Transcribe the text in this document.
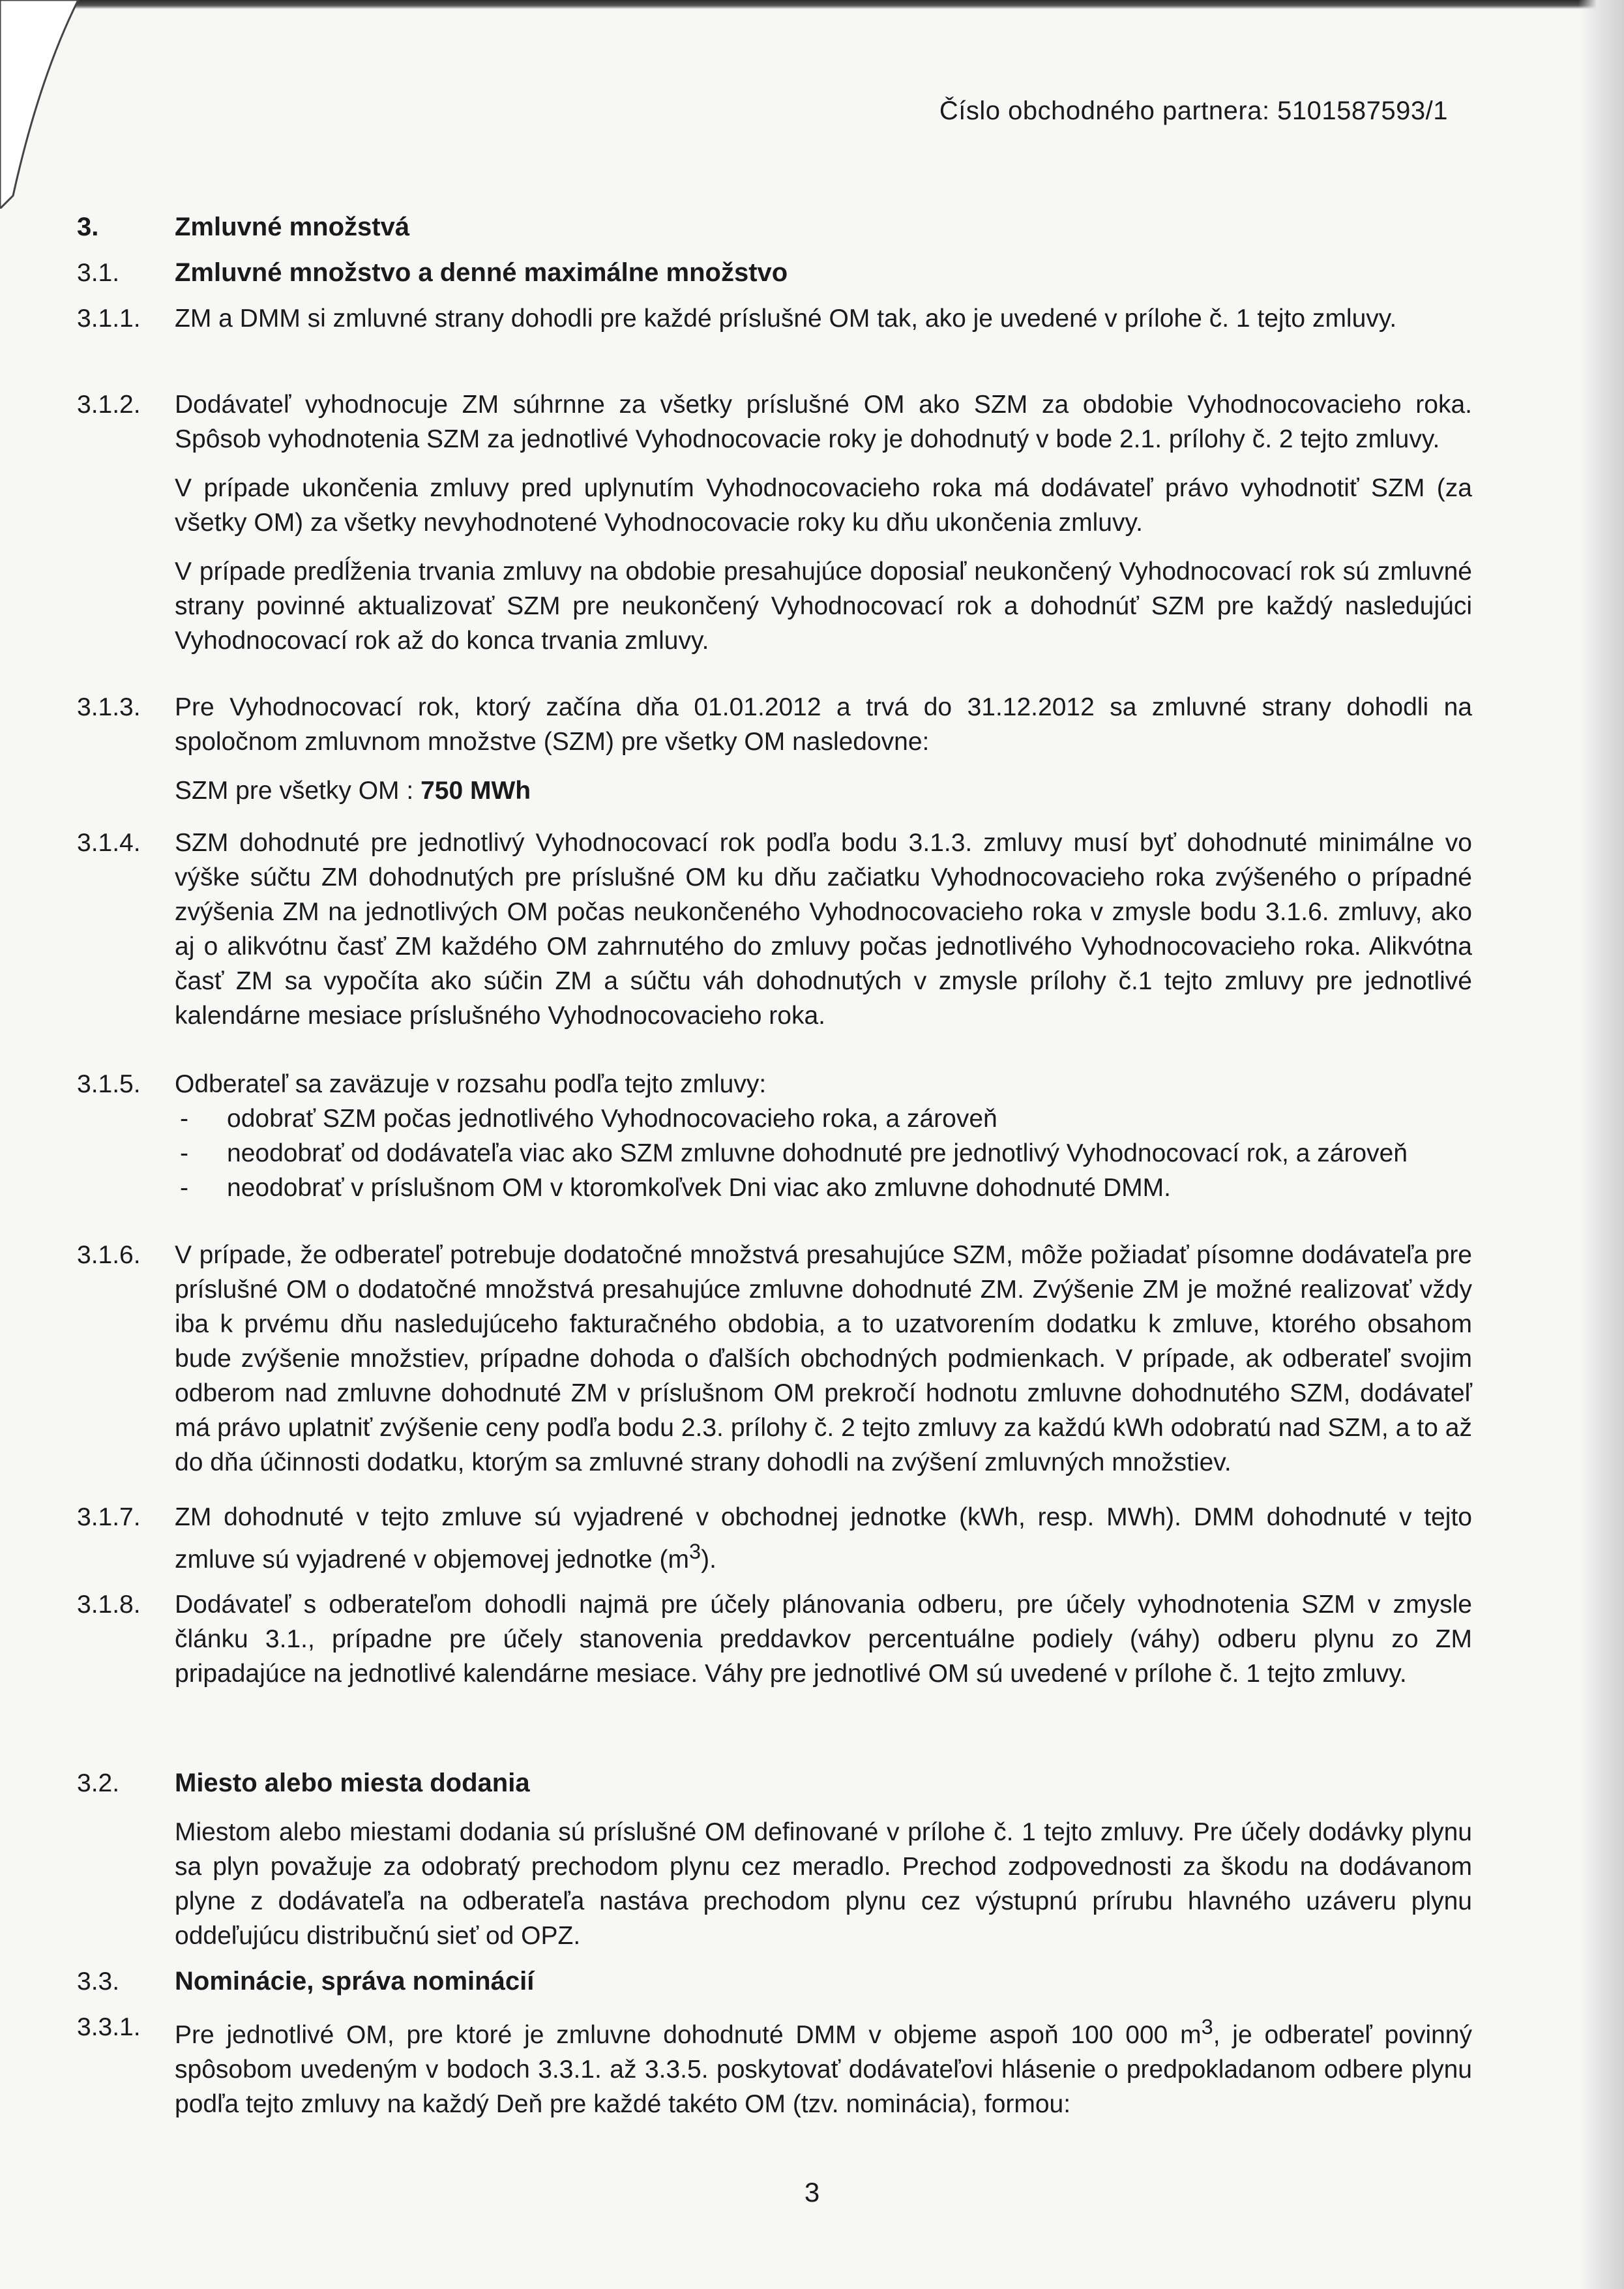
Číslo obchodného partnera: 5101587593/1
3.	Zmluvné množstvá
3.1.	Zmluvné množstvo a denné maximálne množstvo
3.1.1.	ZM a DMM si zmluvné strany dohodli pre každé príslušné OM tak, ako je uvedené v prílohe č. 1 tejto zmluvy.
3.1.2.	Dodávateľ vyhodnocuje ZM súhrnne za všetky príslušné OM ako SZM za obdobie Vyhodnocovacieho roka. Spôsob vyhodnotenia SZM za jednotlivé Vyhodnocovacie roky je dohodnutý v bode 2.1. prílohy č. 2 tejto zmluvy.

V prípade ukončenia zmluvy pred uplynutím Vyhodnocovacieho roka má dodávateľ právo vyhodnotiť SZM (za všetky OM) za všetky nevyhodnotené Vyhodnocovacie roky ku dňu ukončenia zmluvy.

V prípade predĺženia trvania zmluvy na obdobie presahujúce doposiaľ neukončený Vyhodnocovací rok sú zmluvné strany povinné aktualizovať SZM pre neukončený Vyhodnocovací rok a dohodnúť SZM pre každý nasledujúci Vyhodnocovací rok až do konca trvania zmluvy.

3.1.3.	Pre Vyhodnocovací rok, ktorý začína dňa 01.01.2012 a trvá do 31.12.2012 sa zmluvné strany dohodli na spoločnom zmluvnom množstve (SZM) pre všetky OM nasledovne:

SZM pre všetky OM : 750 MWh

3.1.4.	SZM dohodnuté pre jednotlivý Vyhodnocovací rok podľa bodu 3.1.3. zmluvy musí byť dohodnuté minimálne vo výške súčtu ZM dohodnutých pre príslušné OM ku dňu začiatku Vyhodnocovacieho roka zvýšeného o prípadné zvýšenia ZM na jednotlivých OM počas neukončeného Vyhodnocovacieho roka v zmysle bodu 3.1.6. zmluvy, ako aj o alikvótnu časť ZM každého OM zahrnutého do zmluvy počas jednotlivého Vyhodnocovacieho roka. Alikvótna časť ZM sa vypočíta ako súčin ZM a súčtu váh dohodnutých v zmysle prílohy č.1 tejto zmluvy pre jednotlivé kalendárne mesiace príslušného Vyhodnocovacieho roka.
3.1.5.	Odberateľ sa zaväzuje v rozsahu podľa tejto zmluvy:
- odobrať SZM počas jednotlivého Vyhodnocovacieho roka, a zároveň
- neodobrať od dodávateľa viac ako SZM zmluvne dohodnuté pre jednotlivý Vyhodnocovací rok, a zároveň
- neodobrať v príslušnom OM v ktoromkoľvek Dni viac ako zmluvne dohodnuté DMM.
3.1.6.	V prípade, že odberateľ potrebuje dodatočné množstvá presahujúce SZM, môže požiadať písomne dodávateľa pre príslušné OM o dodatočné množstvá presahujúce zmluvne dohodnuté ZM. Zvýšenie ZM je možné realizovať vždy iba k prvému dňu nasledujúceho fakturačného obdobia, a to uzatvorením dodatku k zmluve, ktorého obsahom bude zvýšenie množstiev, prípadne dohoda o ďalších obchodných podmienkach. V prípade, ak odberateľ svojim odberom nad zmluvne dohodnuté ZM v príslušnom OM prekročí hodnotu zmluvne dohodnutého SZM, dodávateľ má právo uplatniť zvýšenie ceny podľa bodu 2.3. prílohy č. 2 tejto zmluvy za každú kWh odobratú nad SZM, a to až do dňa účinnosti dodatku, ktorým sa zmluvné strany dohodli na zvýšení zmluvných množstiev.
3.1.7.	ZM dohodnuté v tejto zmluve sú vyjadrené v obchodnej jednotke (kWh, resp. MWh). DMM dohodnuté v tejto zmluve sú vyjadrené v objemovej jednotke $(m^3)$.
3.1.8.	Dodávateľ s odberateľom dohodli najmä pre účely plánovania odberu, pre účely vyhodnotenia SZM v zmysle článku 3.1., prípadne pre účely stanovenia preddavkov percentuálne podiely (váhy) odberu plynu zo ZM pripadajúce na jednotlivé kalendárne mesiace. Váhy pre jednotlivé OM sú uvedené v prílohe č. 1 tejto zmluvy.
3.2.	Miesto alebo miesta dodania
Miestom alebo miestami dodania sú príslušné OM definované v prílohe č. 1 tejto zmluvy. Pre účely dodávky plynu sa plyn považuje za odobratý prechodom plynu cez meradlo. Prechod zodpovednosti za škodu na dodávanom plyne z dodávateľa na odberateľa nastáva prechodom plynu cez výstupnú prírubu hlavného uzáveru plynu oddeľujúcu distribučnú sieť od OPZ.
3.3.	Nominácie, správa nominácií
3.3.1.	Pre jednotlivé OM, pre ktoré je zmluvne dohodnuté DMM v objeme aspoň 100 000 $m^3$, je odberateľ povinný spôsobom uvedeným v bodoch 3.3.1. až 3.3.5. poskytovať dodávateľovi hlásenie o predpokladanom odbere plynu podľa tejto zmluvy na každý Deň pre každé takéto OM (tzv. nominácia), formou:
3
